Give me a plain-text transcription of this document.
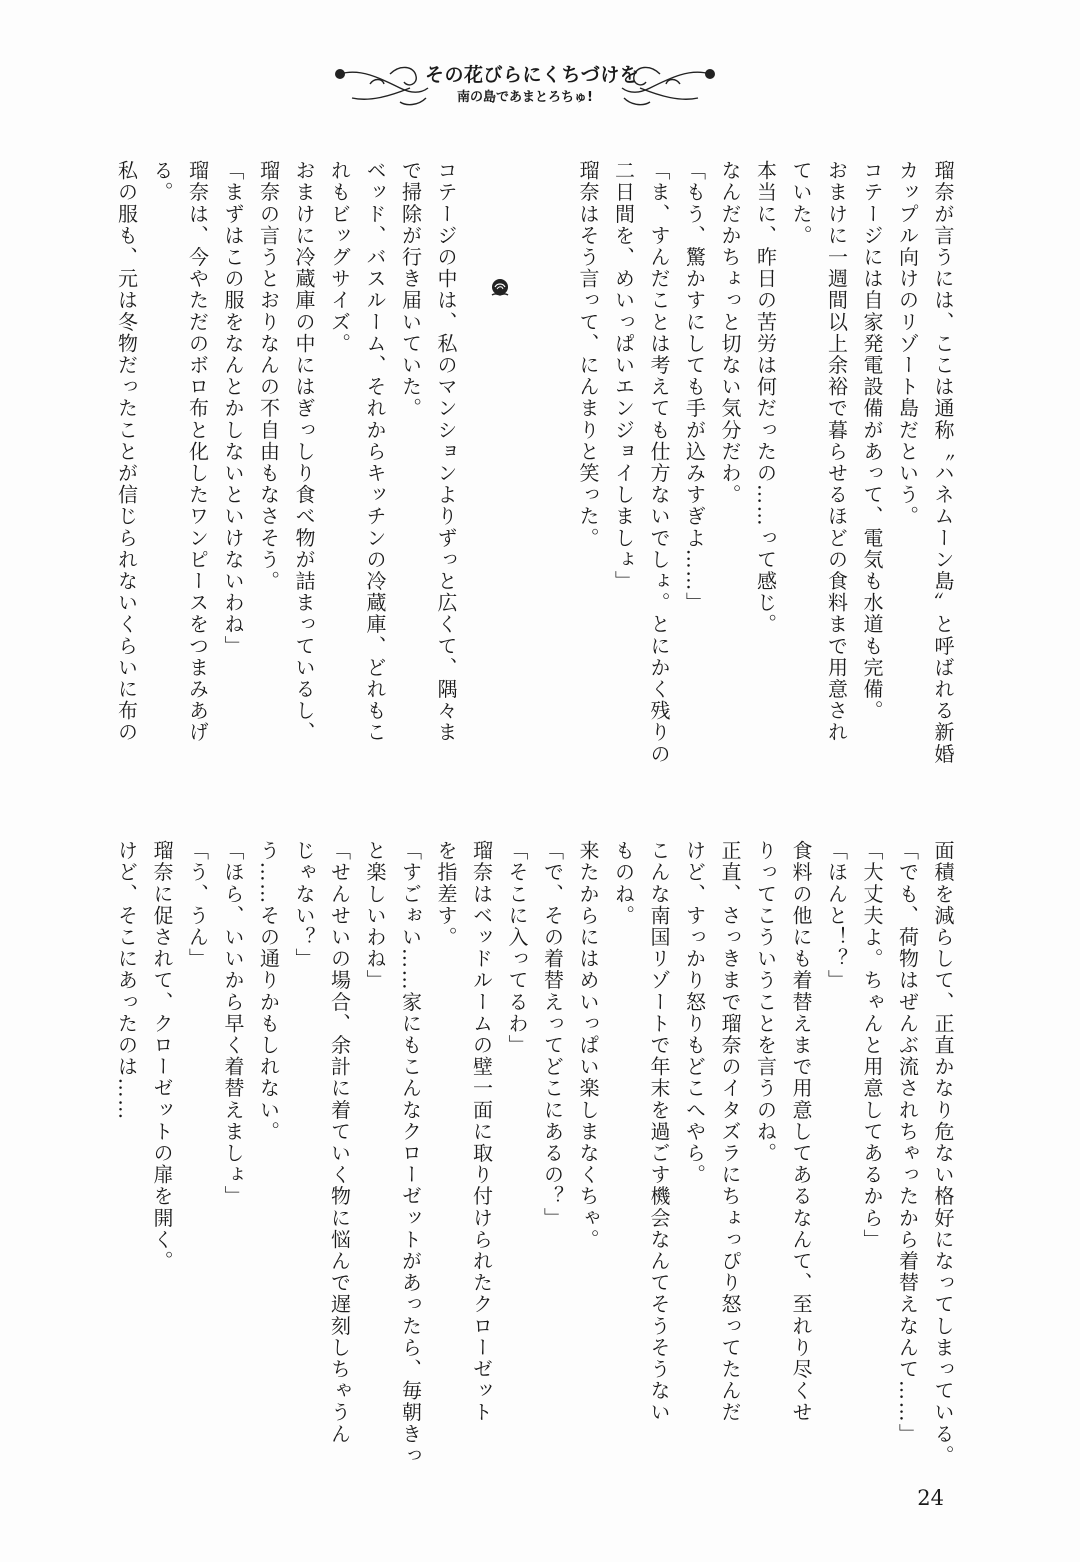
その花びらにくちづけを
南の島であまとろちゅ!
瑠奈が言うには、ここは通称〝ハネムーン島〟と呼ばれる新婚
カップル向けのリゾート島だという。
コテージには自家発電設備があって、電気も水道も完備。
おまけに一週間以上余裕で暮らせるほどの食料まで用意され
ていた。
本当に、昨日の苦労は何だったの……って感じ。
なんだかちょっと切ない気分だわ。
「もう、驚かすにしても手が込みすぎよ……」
「ま、すんだことは考えても仕方ないでしょ。とにかく残りの
二日間を、めいっぱいエンジョイしましょ」
瑠奈はそう言って、にんまりと笑った。

コテージの中は、私のマンションよりずっと広くて、隅々ま
で掃除が行き届いていた。
ベッド、バスルーム、それからキッチンの冷蔵庫、どれもこ
れもビッグサイズ。
おまけに冷蔵庫の中にはぎっしり食べ物が詰まっているし、
瑠奈の言うとおりなんの不自由もなさそう。
「まずはこの服をなんとかしないといけないわね」
瑠奈は、今やただのボロ布と化したワンピースをつまみあげ
る。
私の服も、元は冬物だったことが信じられないくらいに布の
面積を減らして、正直かなり危ない格好になってしまっている。
「でも、荷物はぜんぶ流されちゃったから着替えなんて……」
「大丈夫よ。ちゃんと用意してあるから」
「ほんと！？」
食料の他にも着替えまで用意してあるなんて、至れり尽くせ
りってこういうことを言うのね。
正直、さっきまで瑠奈のイタズラにちょっぴり怒ってたんだ
けど、すっかり怒りもどこへやら。
こんな南国リゾートで年末を過ごす機会なんてそうそうない
ものね。
来たからにはめいっぱい楽しまなくちゃ。
「で、その着替えってどこにあるの？」
「そこに入ってるわ」
瑠奈はベッドルームの壁一面に取り付けられたクローゼット
を指差す。
「すごぉい……家にもこんなクローゼットがあったら、毎朝きっ
と楽しいわね」
「せんせいの場合、余計に着ていく物に悩んで遅刻しちゃうん
じゃない？」
う……その通りかもしれない。
「ほら、いいから早く着替えましょ」
「う、うん」
瑠奈に促されて、クローゼットの扉を開く。
けど、そこにあったのは……
24
